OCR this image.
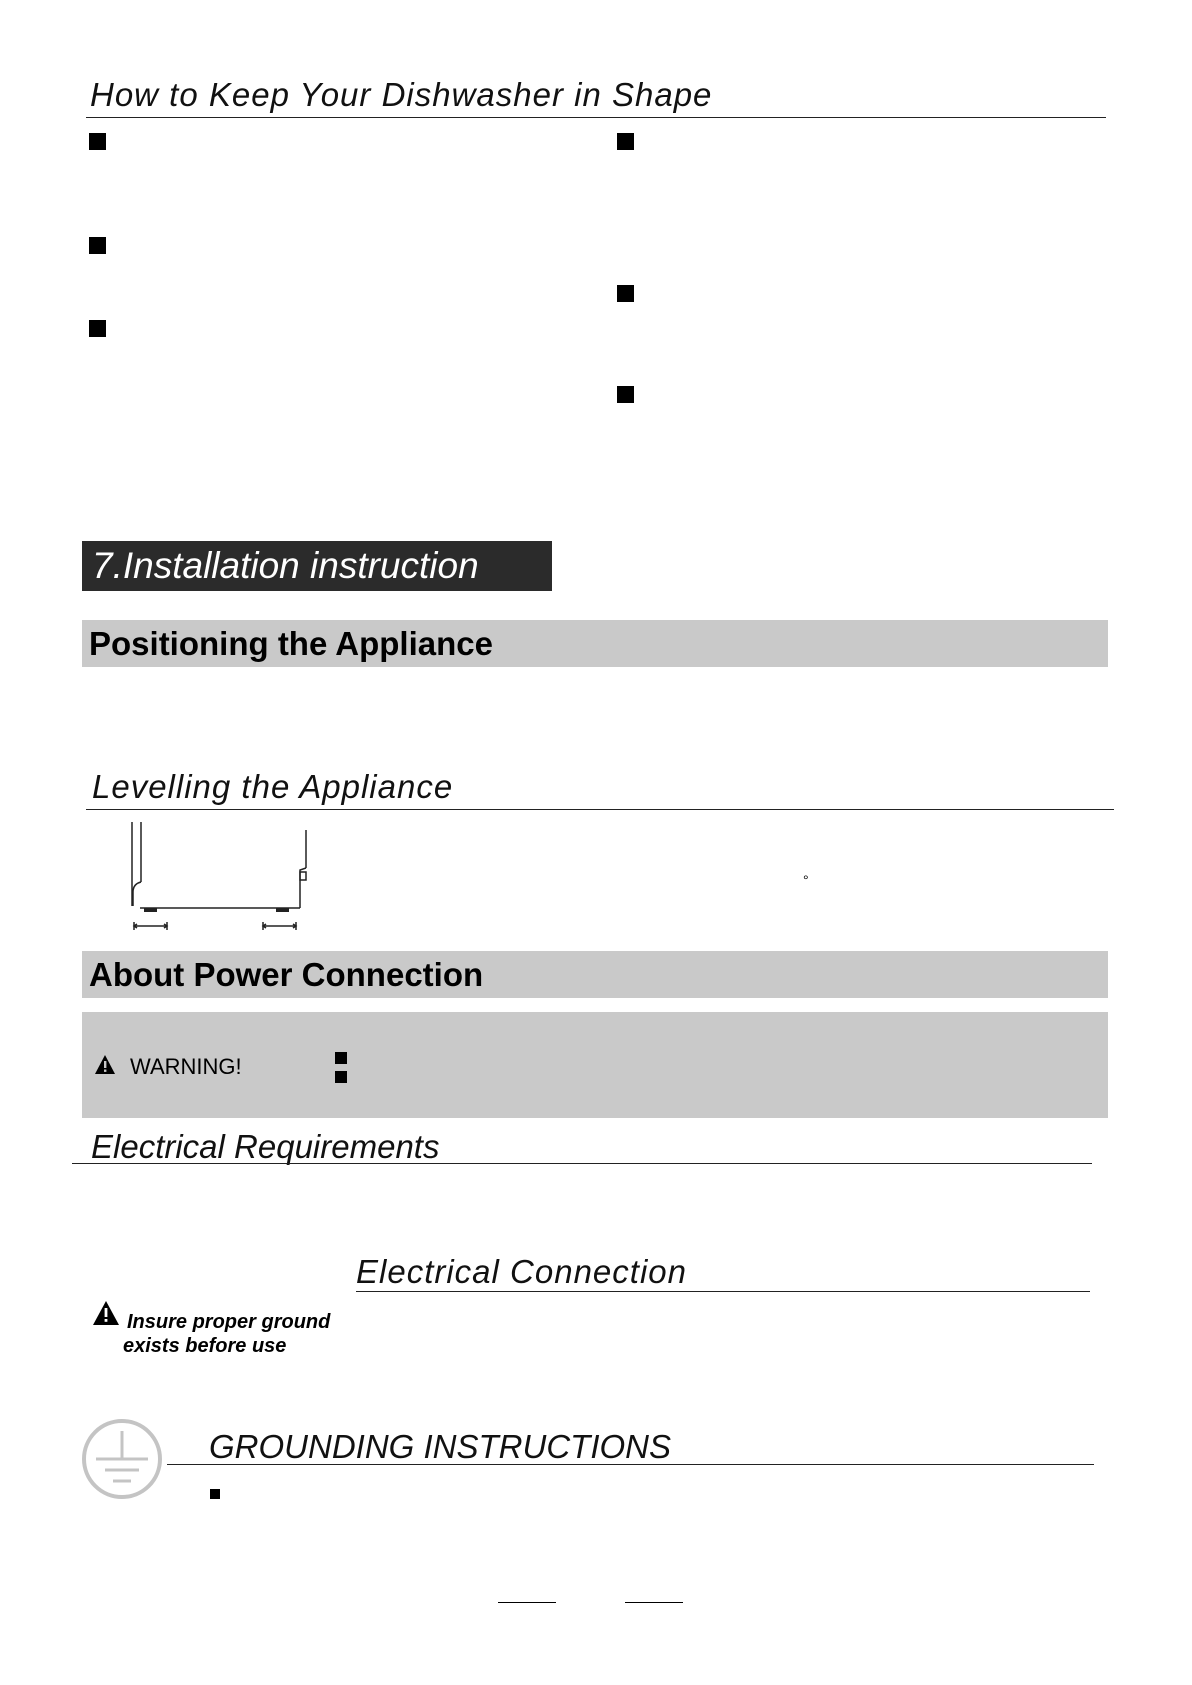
How to Keep Your Dishwasher in Shape
7.Installation instruction
Positioning the Appliance
Levelling the Appliance
°
About Power Connection
WARNING!
Electrical Requirements
Electrical Connection
Insure proper ground
exists before use
GROUNDING INSTRUCTIONS
